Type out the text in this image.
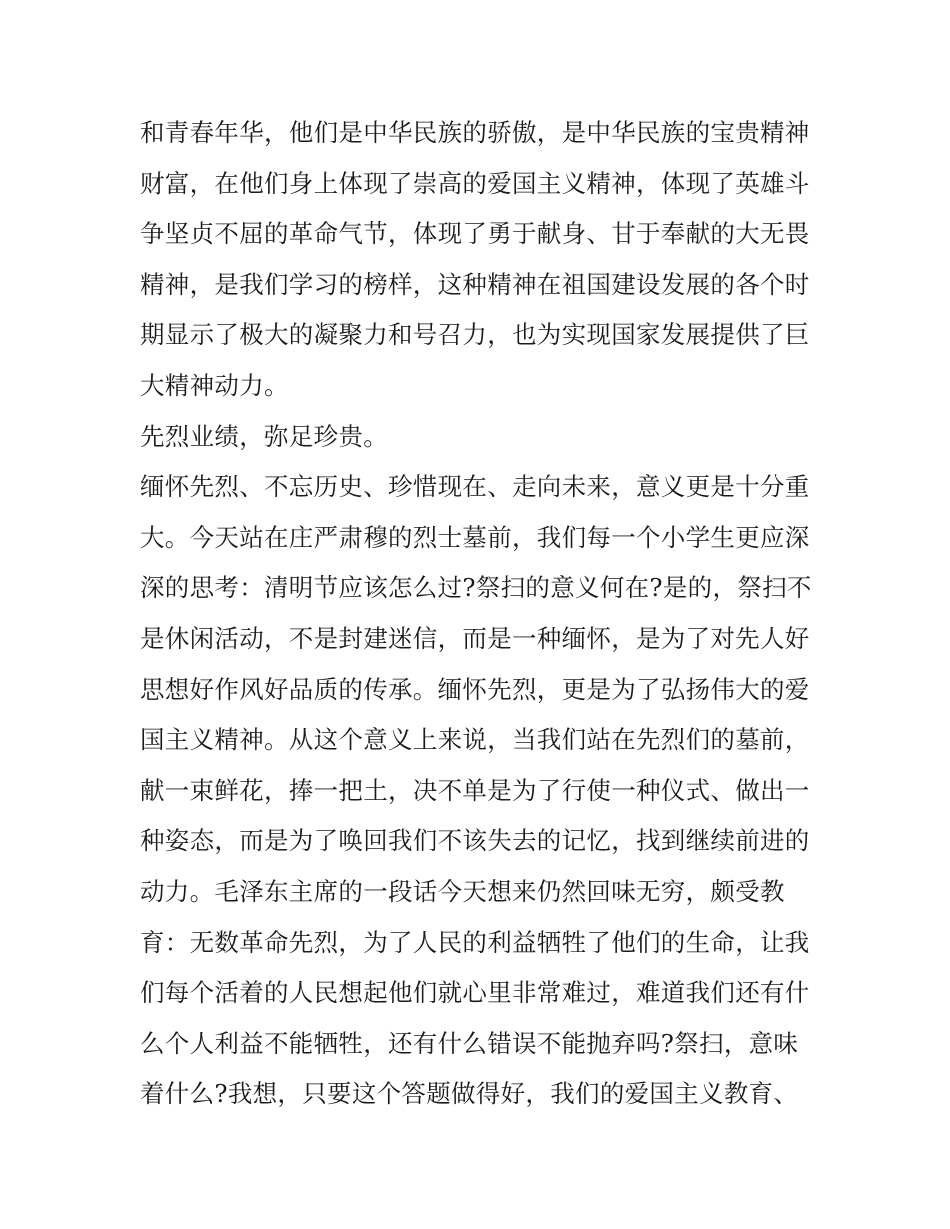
和青春年华，他们是中华民族的骄傲，是中华民族的宝贵精神
财富，在他们身上体现了崇高的爱国主义精神，体现了英雄斗
争坚贞不屈的革命气节，体现了勇于献身、甘于奉献的大无畏
精神，是我们学习的榜样，这种精神在祖国建设发展的各个时
期显示了极大的凝聚力和号召力，也为实现国家发展提供了巨
大精神动力。
先烈业绩，弥足珍贵。
缅怀先烈、不忘历史、珍惜现在、走向未来，意义更是十分重
大。今天站在庄严肃穆的烈士墓前，我们每一个小学生更应深
深的思考：清明节应该怎么过?祭扫的意义何在?是的，祭扫不
是休闲活动，不是封建迷信，而是一种缅怀，是为了对先人好
思想好作风好品质的传承。缅怀先烈，更是为了弘扬伟大的爱
国主义精神。从这个意义上来说，当我们站在先烈们的墓前，
献一束鲜花，捧一把土，决不单是为了行使一种仪式、做出一
种姿态，而是为了唤回我们不该失去的记忆，找到继续前进的
动力。毛泽东主席的一段话今天想来仍然回味无穷，颇受教
育：无数革命先烈，为了人民的利益牺牲了他们的生命，让我
们每个活着的人民想起他们就心里非常难过，难道我们还有什
么个人利益不能牺牲，还有什么错误不能抛弃吗?祭扫，意味
着什么?我想，只要这个答题做得好，我们的爱国主义教育、
